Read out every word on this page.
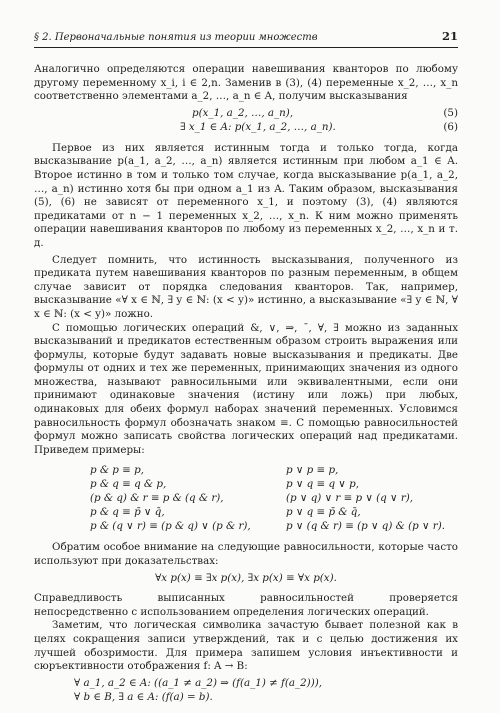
§ 2. Первоначальные понятия из теории множеств	21

Аналогично определяются операции навешивания кванторов по любому другому переменному x_i, i ∈ 2,n. Заменив в (3), (4) переменные x_2, …, x_n соответственно элементами a_2, …, a_n ∈ A, получим высказывания

p(x_1, a_2, …, a_n),	(5)
∃ x_1 ∈ A: p(x_1, a_2, …, a_n).	(6)

Первое из них является истинным тогда и только тогда, когда высказывание p(a_1, a_2, …, a_n) является истинным при любом a_1 ∈ A. Второе истинно в том и только том случае, когда высказывание p(a_1, a_2, …, a_n) истинно хотя бы при одном a_1 из A. Таким образом, высказывания (5), (6) не зависят от переменного x_1, и поэтому (3), (4) являются предикатами от n − 1 переменных x_2, …, x_n. К ним можно применять операции навешивания кванторов по любому из переменных x_2, …, x_n и т. д.

Следует помнить, что истинность высказывания, полученного из предиката путем навешивания кванторов по разным переменным, в общем случае зависит от порядка следования кванторов. Так, например, высказывание «∀ x ∈ ℕ, ∃ y ∈ ℕ: (x < y)» истинно, а высказывание «∃ y ∈ ℕ, ∀ x ∈ ℕ: (x < y)» ложно.

С помощью логических операций &, ∨, ⇒, ¯, ∀, ∃ можно из заданных высказываний и предикатов естественным образом строить выражения или формулы, которые будут задавать новые высказывания и предикаты. Две формулы от одних и тех же переменных, принимающих значения из одного множества, называют равносильными или эквивалентными, если они принимают одинаковые значения (истину или ложь) при любых, одинаковых для обеих формул наборах значений переменных. Условимся равносильность формул обозначать знаком ≡. С помощью равносильностей формул можно записать свойства логических операций над предикатами. Приведем примеры:

p & p ≡ p,	p ∨ p ≡ p,
p & q ≡ q & p,	p ∨ q ≡ q ∨ p,
(p & q) & r ≡ p & (q & r),	(p ∨ q) ∨ r ≡ p ∨ (q ∨ r),
p & q ≡ p̄ ∨ q̄,	p ∨ q ≡ p̄ & q̄,
p & (q ∨ r) ≡ (p & q) ∨ (p & r),	p ∨ (q & r) ≡ (p ∨ q) & (p ∨ r).

Обратим особое внимание на следующие равносильности, которые часто используют при доказательствах:

∀x p(x) ≡ ∃x p(x), ∃x p(x) ≡ ∀x p(x).

Справедливость выписанных равносильностей проверяется непосредственно с использованием определения логических операций.

Заметим, что логическая символика зачастую бывает полезной как в целях сокращения записи утверждений, так и с целью достижения их лучшей обозримости. Для примера запишем условия инъективности и сюръективности отображения f: A → B:

∀ a_1, a_2 ∈ A: ((a_1 ≠ a_2) ⇒ (f(a_1) ≠ f(a_2))),
∀ b ∈ B, ∃ a ∈ A: (f(a) = b).
